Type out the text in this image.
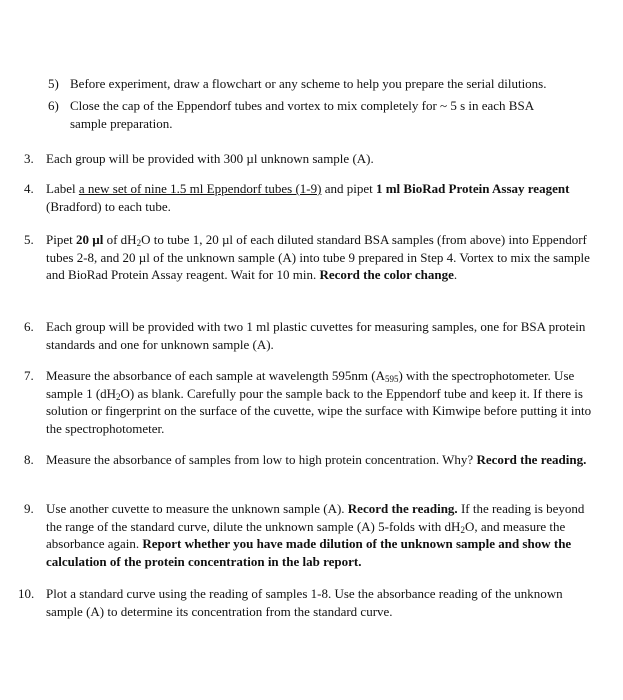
5) Before experiment, draw a flowchart or any scheme to help you prepare the serial dilutions.
6) Close the cap of the Eppendorf tubes and vortex to mix completely for ~ 5 s in each BSA
sample preparation.
3. Each group will be provided with 300 µl unknown sample (A).
4. Label a new set of nine 1.5 ml Eppendorf tubes (1-9) and pipet 1 ml BioRad Protein Assay reagent (Bradford) to each tube.
5. Pipet 20 µl of $dH_2O$ to tube 1, 20 µl of each diluted standard BSA samples (from above) into Eppendorf tubes 2-8, and 20 µl of the unknown sample (A) into tube 9 prepared in Step 4. Vortex to mix the sample and BioRad Protein Assay reagent. Wait for 10 min. Record the color change.
6. Each group will be provided with two 1 ml plastic cuvettes for measuring samples, one for BSA protein standards and one for unknown sample (A).
7. Measure the absorbance of each sample at wavelength 595nm $(A_{595})$ with the spectrophotometer. Use sample 1 $(dH_2O)$ as blank. Carefully pour the sample back to the Eppendorf tube and keep it. If there is solution or fingerprint on the surface of the cuvette, wipe the surface with Kimwipe before putting it into the spectrophotometer.
8. Measure the absorbance of samples from low to high protein concentration. Why? Record the reading.
9. Use another cuvette to measure the unknown sample (A). Record the reading. If the reading is beyond the range of the standard curve, dilute the unknown sample (A) 5-folds with $dH_2O$, and measure the absorbance again. Report whether you have made dilution of the unknown sample and show the calculation of the protein concentration in the lab report.
10. Plot a standard curve using the reading of samples 1-8. Use the absorbance reading of the unknown sample (A) to determine its concentration from the standard curve.
